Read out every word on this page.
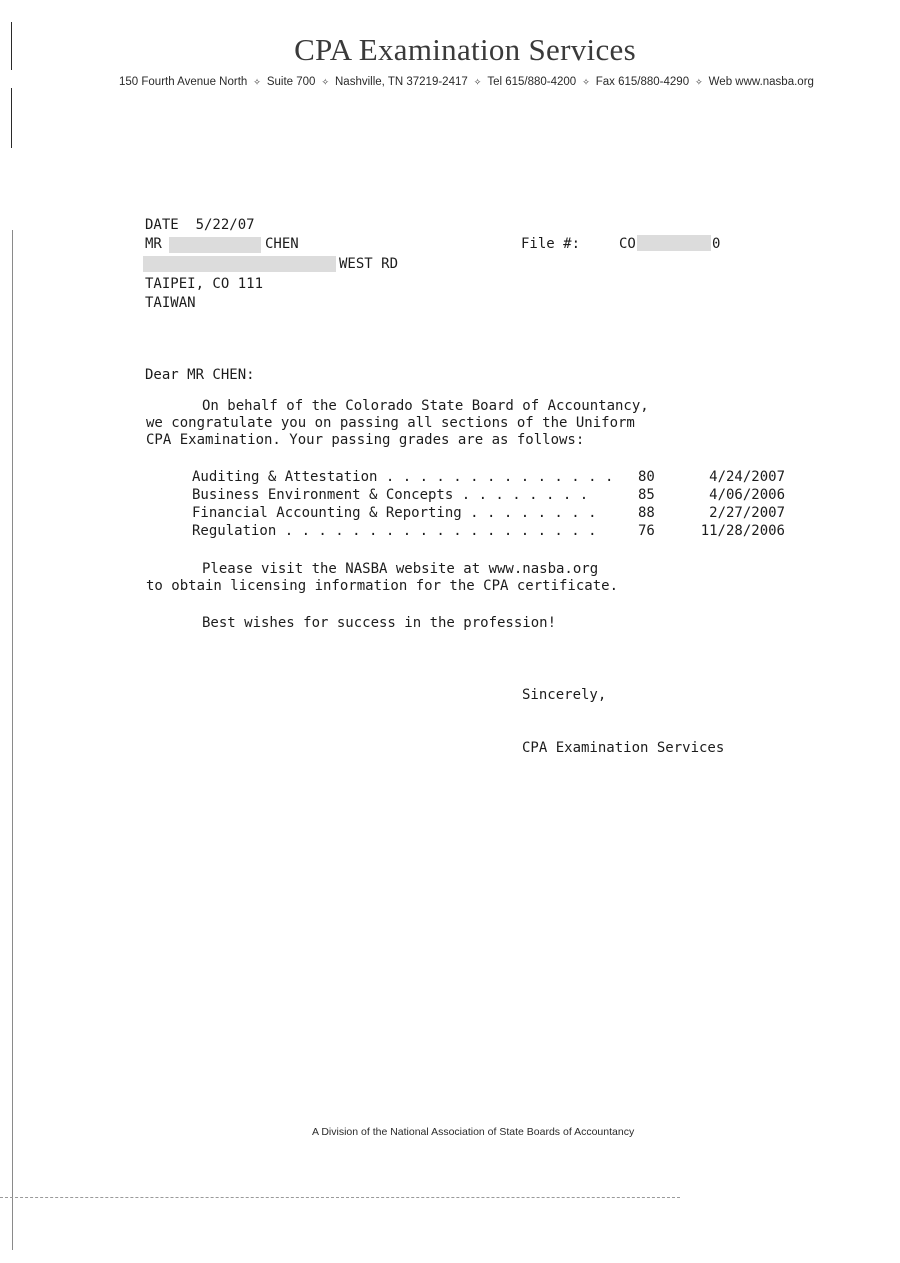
CPA Examination Services
150 Fourth Avenue North ✧ Suite 700 ✧ Nashville, TN 37219-2417 ✧ Tel 615/880-4200 ✧ Fax 615/880-4290 ✧ Web www.nasba.org
DATE 5/22/07
MR	CHEN	File #:	CO	0
WEST RD
TAIPEI, CO 111
TAIWAN
Dear MR CHEN:
On behalf of the Colorado State Board of Accountancy,
we congratulate you on passing all sections of the Uniform
CPA Examination. Your passing grades are as follows:
Auditing & Attestation . . . . . . . . . . . . . . 80	4/24/2007
Business Environment & Concepts . . . . . . . .	85	4/06/2006
Financial Accounting & Reporting . . . . . . . .	88	2/27/2007
Regulation . . . . . . . . . . . . . . . . . . .	76	11/28/2006
Please visit the NASBA website at www.nasba.org
to obtain licensing information for the CPA certificate.
Best wishes for success in the profession!
Sincerely,
CPA Examination Services
A Division of the National Association of State Boards of Accountancy
